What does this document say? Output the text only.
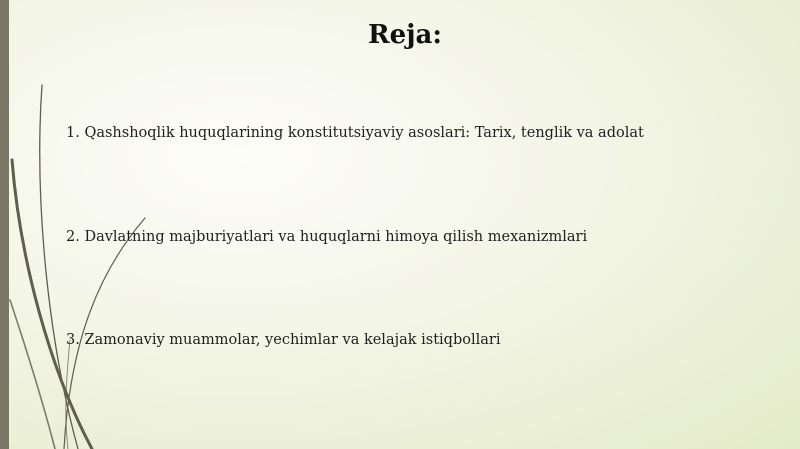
Reja:
1. Qashshoqlik huquqlarining konstitutsiyaviy asoslari: Tarix, tenglik va adolat
2. Davlatning majburiyatlari va huquqlarni himoya qilish mexanizmlari
3. Zamonaviy muammolar, yechimlar va kelajak istiqbollari
